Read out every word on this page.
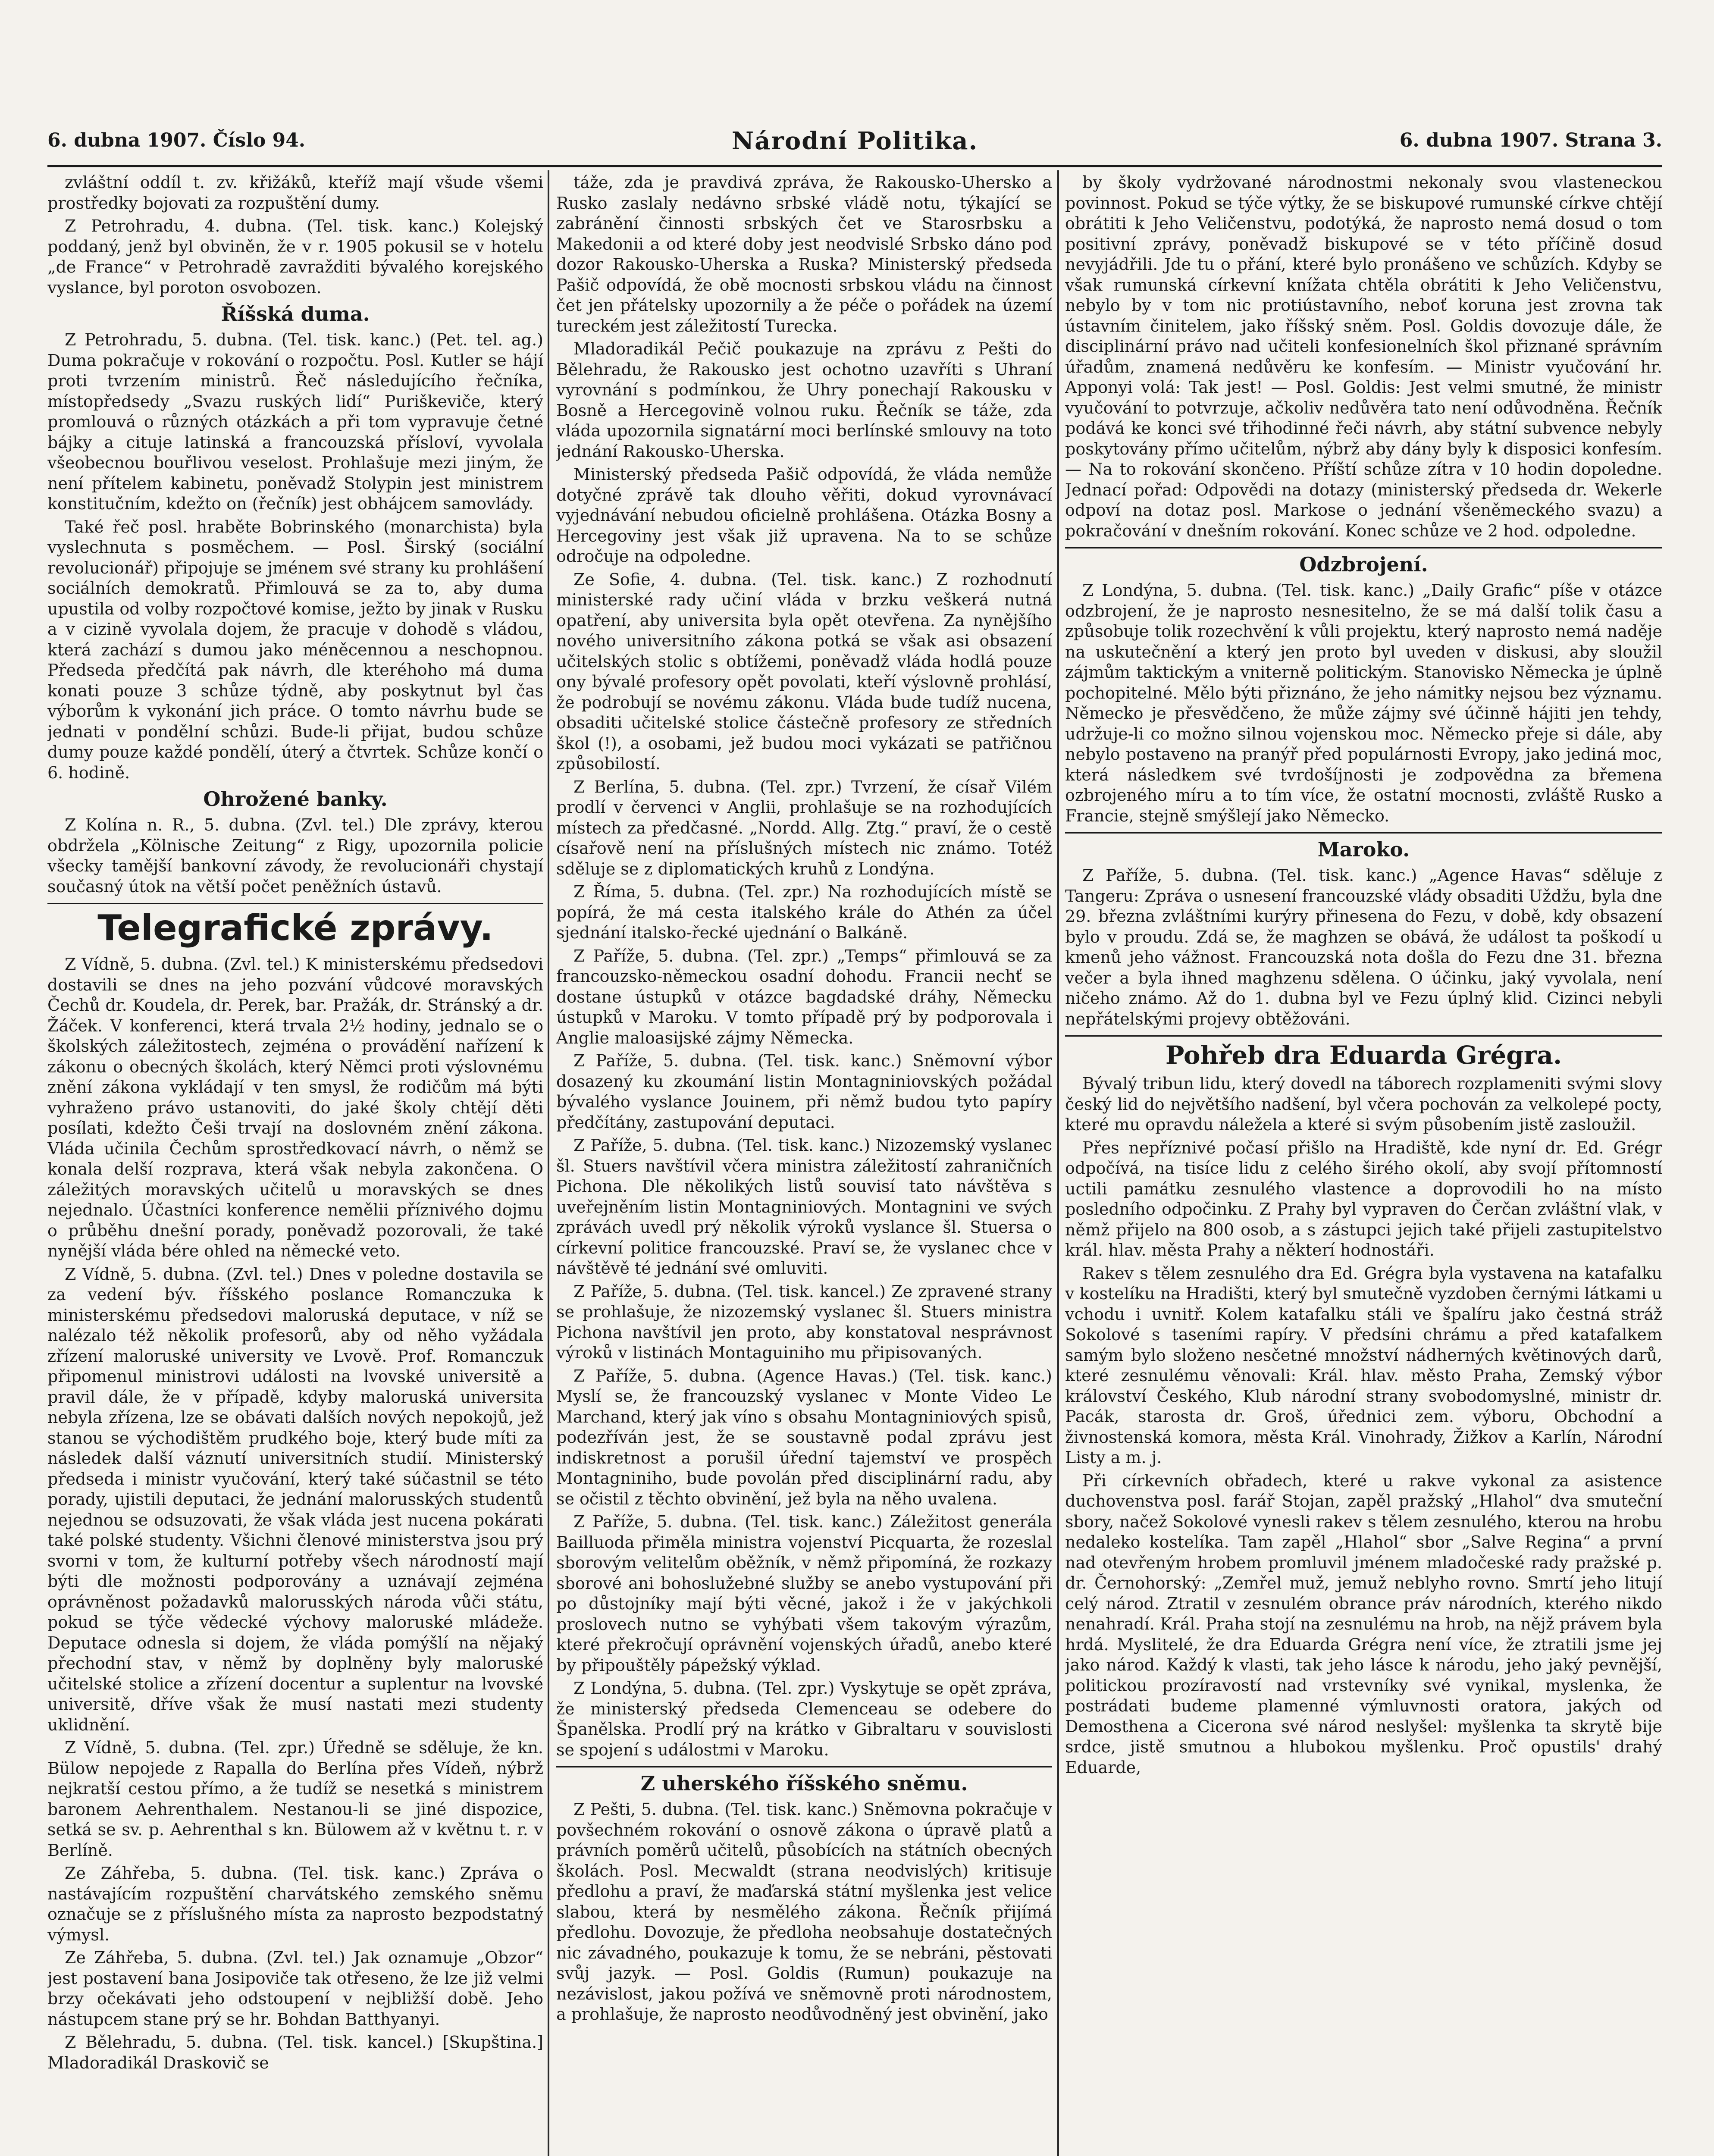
6. dubna 1907. Číslo 94.	Národní Politika.	6. dubna 1907. Strana 3.

zvláštní oddíl t. zv. křižáků, kteříž mají všude všemi prostředky bojovati za rozpuštění dumy.

Z Petrohradu, 4. dubna. (Tel. tisk. kanc.) Kolejský poddaný, jenž byl obviněn, že v r. 1905 pokusil se v hotelu „de France“ v Petrohradě zavražditi bývalého korejského vyslance, byl poroton osvobozen.

Říšská duma.

Z Petrohradu, 5. dubna. (Tel. tisk. kanc.) (Pet. tel. ag.) Duma pokračuje v rokování o rozpočtu. Posl. Kutler se hájí proti tvrzením ministrů. Řeč následujícího řečníka, místopředsedy „Svazu ruských lidí“ Puriškeviče, který promlouvá o různých otázkách a při tom vypravuje četné bájky a cituje latinská a francouzská přísloví, vyvolala všeobecnou bouřlivou veselost. Prohlašuje mezi jiným, že není přítelem kabinetu, poněvadž Stolypin jest ministrem konstitučním, kdežto on (řečník) jest obhájcem samovlády.

Také řeč posl. hraběte Bobrinského (monarchista) byla vyslechnuta s posměchem. — Posl. Širský (sociální revolucionář) připojuje se jménem své strany ku prohlášení sociálních demokratů. Přimlouvá se za to, aby duma upustila od volby rozpočtové komise, ježto by jinak v Rusku a v cizině vyvolala dojem, že pracuje v dohodě s vládou, která zachází s dumou jako méněcennou a neschopnou. Předseda předčítá pak návrh, dle kteréhoho má duma konati pouze 3 schůze týdně, aby poskytnut byl čas výborům k vykonání jich práce. O tomto návrhu bude se jednati v pondělní schůzi. Bude-li přijat, budou schůze dumy pouze každé pondělí, úterý a čtvrtek. Schůze končí o 6. hodině.

Ohrožené banky.

Z Kolína n. R., 5. dubna. (Zvl. tel.) Dle zprávy, kterou obdržela „Kölnische Zeitung“ z Rigy, upozornila policie všecky tamější bankovní závody, že revolucionáři chystají současný útok na větší počet peněžních ústavů.

Telegrafické zprávy.

Z Vídně, 5. dubna. (Zvl. tel.) K ministerskému předsedovi dostavili se dnes na jeho pozvání vůdcové moravských Čechů dr. Koudela, dr. Perek, bar. Pražák, dr. Stránský a dr. Žáček. V konferenci, která trvala 2½ hodiny, jednalo se o školských záležitostech, zejména o provádění nařízení k zákonu o obecných školách, který Němci proti výslovnému znění zákona vykládají v ten smysl, že rodičům má býti vyhraženo právo ustanoviti, do jaké školy chtějí děti posílati, kdežto Češi trvají na doslovném znění zákona. Vláda učinila Čechům sprostředkovací návrh, o němž se konala delší rozprava, která však nebyla zakončena. O záležitých moravských učitelů u moravských se dnes nejednalo. Účastníci konference nemělii příznivého dojmu o průběhu dnešní porady, poněvadž pozorovali, že také nynější vláda bére ohled na německé veto.

Z Vídně, 5. dubna. (Zvl. tel.) Dnes v poledne dostavila se za vedení býv. říšského poslance Romanczuka k ministerskému předsedovi maloruská deputace, v níž se nalézalo též několik profesorů, aby od něho vyžádala zřízení maloruské university ve Lvově. Prof. Romanczuk připomenul ministrovi události na lvovské universitě a pravil dále, že v případě, kdyby maloruská universita nebyla zřízena, lze se obávati dalších nových nepokojů, jež stanou se východištěm prudkého boje, který bude míti za následek další váznutí universitních studií. Ministerský předseda i ministr vyučování, který také súčastnil se této porady, ujistili deputaci, že jednání malorusských studentů nejednou se odsuzovati, že však vláda jest nucena pokárati také polské studenty. Všichni členové ministerstva jsou prý svorni v tom, že kulturní potřeby všech národností mají býti dle možnosti podporovány a uznávají zejména oprávněnost požadavků malorusských národa vůči státu, pokud se týče vědecké výchovy maloruské mládeže. Deputace odnesla si dojem, že vláda pomýšlí na nějaký přechodní stav, v němž by doplněny byly maloruské učitelské stolice a zřízení docentur a suplentur na lvovské universitě, dříve však že musí nastati mezi studenty uklidnění.

Z Vídně, 5. dubna. (Tel. zpr.) Úředně se sděluje, že kn. Bülow nepojede z Rapalla do Berlína přes Vídeň, nýbrž nejkratší cestou přímo, a že tudíž se nesetká s ministrem baronem Aehrenthalem. Nestanou-li se jiné dispozice, setká se sv. p. Aehrenthal s kn. Bülowem až v květnu t. r. v Berlíně.

Ze Záhřeba, 5. dubna. (Tel. tisk. kanc.) Zpráva o nastávajícím rozpuštění charvátského zemského sněmu označuje se z příslušného místa za naprosto bezpodstatný výmysl.

Ze Záhřeba, 5. dubna. (Zvl. tel.) Jak oznamuje „Obzor“ jest postavení bana Josipoviče tak otřeseno, že lze již velmi brzy očekávati jeho odstoupení v nejbližší době. Jeho nástupcem stane prý se hr. Bohdan Batthyanyi.

Z Bělehradu, 5. dubna. (Tel. tisk. kancel.) [Skupština.] Mladoradikál Draskovič se

táže, zda je pravdivá zpráva, že Rakousko-Uhersko a Rusko zaslaly nedávno srbské vládě notu, týkající se zabránění činnosti srbských čet ve Starosrbsku a Makedonii a od které doby jest neodvislé Srbsko dáno pod dozor Rakousko-Uherska a Ruska? Ministerský předseda Pašič odpovídá, že obě mocnosti srbskou vládu na činnost čet jen přátelsky upozornily a že péče o pořádek na území tureckém jest záležitostí Turecka.

Mladoradikál Pečič poukazuje na zprávu z Pešti do Bělehradu, že Rakousko jest ochotno uzavříti s Uhraní vyrovnání s podmínkou, že Uhry ponechají Rakousku v Bosně a Hercegovině volnou ruku. Řečník se táže, zda vláda upozornila signatární moci berlínské smlouvy na toto jednání Rakousko-Uherska.

Ministerský předseda Pašič odpovídá, že vláda nemůže dotyčné zprávě tak dlouho věřiti, dokud vyrovnávací vyjednávání nebudou oficielně prohlášena. Otázka Bosny a Hercegoviny jest však již upravena. Na to se schůze odročuje na odpoledne.

Ze Sofie, 4. dubna. (Tel. tisk. kanc.) Z rozhodnutí ministerské rady učiní vláda v brzku veškerá nutná opatření, aby universita byla opět otevřena. Za nynějšího nového universitního zákona potká se však asi obsazení učitelských stolic s obtížemi, poněvadž vláda hodlá pouze ony bývalé profesory opět povolati, kteří výslovně prohlásí, že podrobují se novému zákonu. Vláda bude tudíž nucena, obsaditi učitelské stolice částečně profesory ze středních škol (!), a osobami, jež budou moci vykázati se patřičnou způsobilostí.

Z Berlína, 5. dubna. (Tel. zpr.) Tvrzení, že císař Vilém prodlí v červenci v Anglii, prohlašuje se na rozhodujících místech za předčasné. „Nordd. Allg. Ztg.“ praví, že o cestě císařově není na příslušných místech nic známo. Totéž sděluje se z diplomatických kruhů z Londýna.

Z Říma, 5. dubna. (Tel. zpr.) Na rozhodujících místě se popírá, že má cesta italského krále do Athén za účel sjednání italsko-řecké ujednání o Balkáně.

Z Paříže, 5. dubna. (Tel. zpr.) „Temps“ přimlouvá se za francouzsko-německou osadní dohodu. Francii nechť se dostane ústupků v otázce bagdadské dráhy, Německu ústupků v Maroku. V tomto případě prý by podporovala i Anglie maloasijské zájmy Německa.

Z Paříže, 5. dubna. (Tel. tisk. kanc.) Sněmovní výbor dosazený ku zkoumání listin Montagniniovských požádal bývalého vyslance Jouinem, při němž budou tyto papíry předčítány, zastupování deputaci.

Z Paříže, 5. dubna. (Tel. tisk. kanc.) Nizozemský vyslanec šl. Stuers navštívil včera ministra záležitostí zahraničních Pichona. Dle několikých listů souvisí tato návštěva s uveřejněním listin Montagniniových. Montagnini ve svých zprávách uvedl prý několik výroků vyslance šl. Stuersa o církevní politice francouzské. Praví se, že vyslanec chce v návštěvě té jednání své omluviti.

Z Paříže, 5. dubna. (Tel. tisk. kancel.) Ze zpravené strany se prohlašuje, že nizozemský vyslanec šl. Stuers ministra Pichona navštívil jen proto, aby konstatoval nesprávnost výroků v listinách Montaguiniho mu připisovaných.

Z Paříže, 5. dubna. (Agence Havas.) (Tel. tisk. kanc.) Myslí se, že francouzský vyslanec v Monte Video Le Marchand, který jak víno s obsahu Montagniniových spisů, podezříván jest, že se soustavně podal zprávu jest indiskretnost a porušil úřední tajemství ve prospěch Montagniniho, bude povolán před disciplinární radu, aby se očistil z těchto obvinění, jež byla na něho uvalena.

Z Paříže, 5. dubna. (Tel. tisk. kanc.) Záležitost generála Bailluoda přiměla ministra vojenství Picquarta, že rozeslal sborovým velitelům oběžník, v němž připomíná, že rozkazy sborové ani bohoslužebné služby se anebo vystupování při po důstojníky mají býti věcné, jakož i že v jakýchkoli proslovech nutno se vyhýbati všem takovým výrazům, které překročují oprávnění vojenských úřadů, anebo které by připouštěly pápežský výklad.

Z Londýna, 5. dubna. (Tel. zpr.) Vyskytuje se opět zpráva, že ministerský předseda Clemenceau se odebere do Španělska. Prodlí prý na krátko v Gibraltaru v souvislosti se spojení s událostmi v Maroku.

Z uherského říšského sněmu.

Z Pešti, 5. dubna. (Tel. tisk. kanc.) Sněmovna pokračuje v povšechném rokování o osnově zákona o úpravě platů a právních poměrů učitelů, působících na státních obecných školách. Posl. Mecwaldt (strana neodvislých) kritisuje předlohu a praví, že maďarská státní myšlenka jest velice slabou, která by nesmělého zákona. Řečník přijímá předlohu. Dovozuje, že předloha neobsahuje dostatečných nic závadného, poukazuje k tomu, že se nebráni, pěstovati svůj jazyk. — Posl. Goldis (Rumun) poukazuje na nezávislost, jakou požívá ve sněmovně proti národnostem, a prohlašuje, že naprosto neodůvodněný jest obvinění, jako

by školy vydržované národnostmi nekonaly svou vlasteneckou povinnost. Pokud se týče výtky, že se biskupové rumunské církve chtějí obrátiti k Jeho Veličenstvu, podotýká, že naprosto nemá dosud o tom positivní zprávy, poněvadž biskupové se v této příčině dosud nevyjádřili. Jde tu o přání, které bylo pronášeno ve schůzích. Kdyby se však rumunská církevní knížata chtěla obrátiti k Jeho Veličenstvu, nebylo by v tom nic protiústavního, neboť koruna jest zrovna tak ústavním činitelem, jako říšský sněm. Posl. Goldis dovozuje dále, že disciplinární právo nad učiteli konfesionelních škol přiznané správním úřadům, znamená nedůvěru ke konfesím. — Ministr vyučování hr. Apponyi volá: Tak jest! — Posl. Goldis: Jest velmi smutné, že ministr vyučování to potvrzuje, ačkoliv nedůvěra tato není odůvodněna. Řečník podává ke konci své třihodinné řeči návrh, aby státní subvence nebyly poskytovány přímo učitelům, nýbrž aby dány byly k disposici konfesím. — Na to rokování skončeno. Příští schůze zítra v 10 hodin dopoledne. Jednací pořad: Odpovědi na dotazy (ministerský předseda dr. Wekerle odpoví na dotaz posl. Markose o jednání všeněmeckého svazu) a pokračování v dnešním rokování. Konec schůze ve 2 hod. odpoledne.

Odzbrojení.

Z Londýna, 5. dubna. (Tel. tisk. kanc.) „Daily Grafic“ píše v otázce odzbrojení, že je naprosto nesnesitelno, že se má další tolik času a způsobuje tolik rozechvění k vůli projektu, který naprosto nemá naděje na uskutečnění a který jen proto byl uveden v diskusi, aby sloužil zájmům taktickým a vniterně politickým. Stanovisko Německa je úplně pochopitelné. Mělo býti přiznáno, že jeho námitky nejsou bez významu. Německo je přesvědčeno, že může zájmy své účinně hájiti jen tehdy, udržuje-li co možno silnou vojenskou moc. Německo přeje si dále, aby nebylo postaveno na pranýř před populárnosti Evropy, jako jediná moc, která následkem své tvrdošíjnosti je zodpovědna za břemena ozbrojeného míru a to tím více, že ostatní mocnosti, zvláště Rusko a Francie, stejně smýšlejí jako Německo.

Maroko.

Z Paříže, 5. dubna. (Tel. tisk. kanc.) „Agence Havas“ sděluje z Tangeru: Zpráva o usnesení francouzské vlády obsaditi Uždžu, byla dne 29. března zvláštními kurýry přinesena do Fezu, v době, kdy obsazení bylo v proudu. Zdá se, že maghzen se obává, že událost ta poškodí u kmenů jeho vážnost. Francouzská nota došla do Fezu dne 31. března večer a byla ihned maghzenu sdělena. O účinku, jaký vyvolala, není ničeho známo. Až do 1. dubna byl ve Fezu úplný klid. Cizinci nebyli nepřátelskými projevy obtěžováni.

Pohřeb dra Eduarda Grégra.

Bývalý tribun lidu, který dovedl na táborech rozplameniti svými slovy český lid do největšího nadšení, byl včera pochován za velkolepé pocty, které mu opravdu náležela a které si svým působením jistě zasloužil.

Přes nepříznivé počasí přišlo na Hradiště, kde nyní dr. Ed. Grégr odpočívá, na tisíce lidu z celého širého okolí, aby svojí přítomností uctili památku zesnulého vlastence a doprovodili ho na místo posledního odpočinku. Z Prahy byl vypraven do Čerčan zvláštní vlak, v němž přijelo na 800 osob, a s zástupci jejich také přijeli zastupitelstvo král. hlav. města Prahy a některí hodnostáři.

Rakev s tělem zesnulého dra Ed. Grégra byla vystavena na katafalku v kostelíku na Hradišti, který byl smutečně vyzdoben černými látkami u vchodu i uvnitř. Kolem katafalku stáli ve špalíru jako čestná stráž Sokolové s taseními rapíry. V předsíni chrámu a před katafalkem samým bylo složeno nesčetné množství nádherných květinových darů, které zesnulému věnovali: Král. hlav. město Praha, Zemský výbor království Českého, Klub národní strany svobodomyslné, ministr dr. Pacák, starosta dr. Groš, úřednici zem. výboru, Obchodní a živnostenská komora, města Král. Vinohrady, Žižkov a Karlín, Národní Listy a m. j.

Při církevních obřadech, které u rakve vykonal za asistence duchovenstva posl. farář Stojan, zapěl pražský „Hlahol“ dva smuteční sbory, načež Sokolové vynesli rakev s tělem zesnulého, kterou na hrobu nedaleko kostelíka. Tam zapěl „Hlahol“ sbor „Salve Regina“ a první nad otevřeným hrobem promluvil jménem mladočeské rady pražské p. dr. Černohorský: „Zemřel muž, jemuž neblyho rovno. Smrtí jeho litují celý národ. Ztratil v zesnulém obrance práv národních, kterého nikdo nenahradí. Král. Praha stojí na zesnulému na hrob, na nějž právem byla hrdá. Myslitelé, že dra Eduarda Grégra není více, že ztratili jsme jej jako národ. Každý k vlasti, tak jeho lásce k národu, jeho jaký pevnější, politickou prozíravostí nad vrstevníky své vynikal, myslenka, že postrádati budeme plamenné výmluvnosti oratora, jakých od Demosthena a Cicerona své národ neslyšel: myšlenka ta skrytě bije srdce, jistě smutnou a hlubokou myšlenku. Proč opustils' drahý Eduarde,
